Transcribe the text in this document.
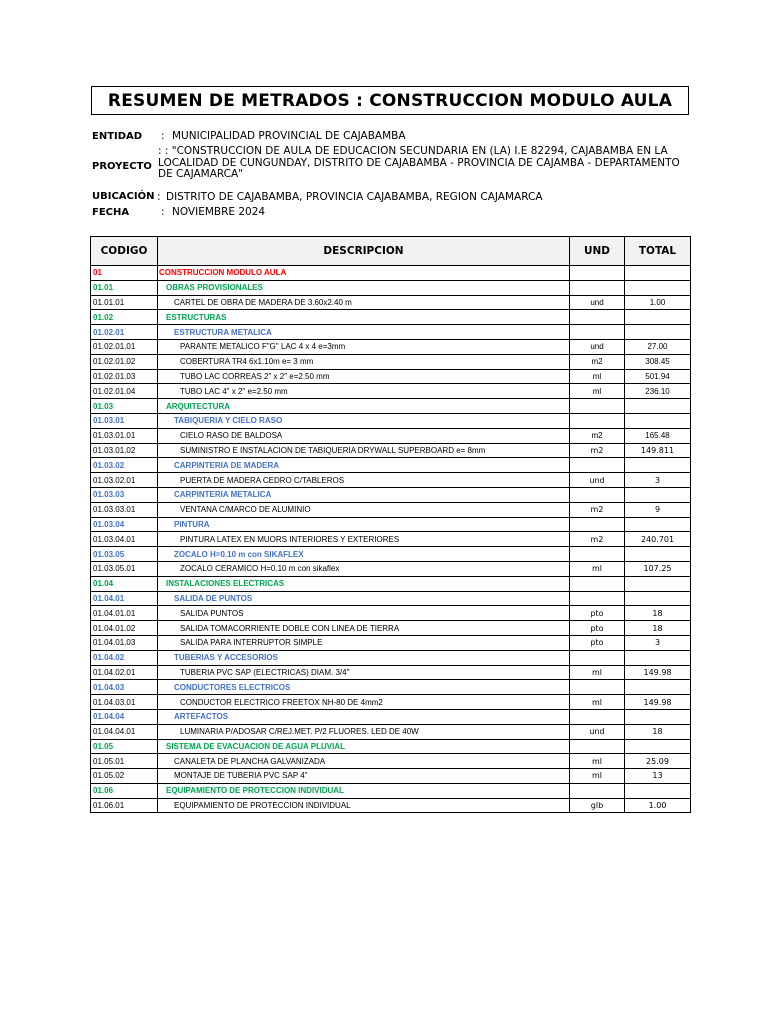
RESUMEN DE METRADOS : CONSTRUCCION MODULO AULA
ENTIDAD : MUNICIPALIDAD PROVINCIAL DE CAJABAMBA
PROYECTO
: : "CONSTRUCCION DE AULA DE EDUCACION SECUNDARIA EN (LA) I.E 82294, CAJABAMBA EN LA LOCALIDAD DE CUNGUNDAY, DISTRITO DE CAJABAMBA - PROVINCIA DE CAJAMBA - DEPARTAMENTO DE CAJAMARCA"
UBICACIÓN : DISTRITO DE CAJABAMBA, PROVINCIA CAJABAMBA, REGION CAJAMARCA
FECHA	: NOVIEMBRE 2024
CODIGO	DESCRIPCION	UND	TOTAL
01	CONSTRUCCION MODULO AULA		
01.01	OBRAS PROVISIONALES		
01.01.01	CARTEL DE OBRA DE MADERA DE 3.60x2.40 m	und	1.00
01.02	ESTRUCTURAS		
01.02.01	ESTRUCTURA METALICA		
01.02.01.01	PARANTE METALICO F"G" LAC 4 x 4 e=3mm	und	27.00
01.02.01.02	COBERTURA TR4 6x1.10m e= 3 mm	m2	308.45
01.02.01.03	TUBO LAC CORREAS 2" x 2" e=2.50 mm	ml	501.94
01.02.01.04	TUBO LAC 4" x 2" e=2.50 mm	ml	236.10
01.03	ARQUITECTURA		
01.03.01	TABIQUERIA Y CIELO RASO		
01.03.01.01	CIELO RASO DE BALDOSA	m2	165.48
01.03.01.02	SUMINISTRO E INSTALACION DE TABIQUERIA DRYWALL SUPERBOARD e= 8mm	m2	149.811
01.03.02	CARPINTERIA DE MADERA		
01.03.02.01	PUERTA DE MADERA CEDRO C/TABLEROS	und	3
01.03.03	CARPINTERIA METALICA		
01.03.03.01	VENTANA C/MARCO DE ALUMINIO	m2	9
01.03.04	PINTURA		
01.03.04.01	PINTURA LATEX EN MUORS INTERIORES Y EXTERIORES	m2	240.701
01.03.05	ZOCALO H=0.10 m con SIKAFLEX		
01.03.05.01	ZOCALO CERAMICO H=0.10 m con sikaflex	ml	107.25
01.04	INSTALACIONES ELECTRICAS		
01.04.01	SALIDA DE PUNTOS		
01.04.01.01	SALIDA PUNTOS	pto	18
01.04.01.02	SALIDA TOMACORRIENTE DOBLE CON LINEA DE TIERRA	pto	18
01.04.01.03	SALIDA PARA INTERRUPTOR SIMPLE	pto	3
01.04.02	TUBERIAS Y ACCESORIOS		
01.04.02.01	TUBERIA PVC SAP (ELECTRICAS) DIAM. 3/4"	ml	149.98
01.04.03	CONDUCTORES ELECTRICOS		
01.04.03.01	CONDUCTOR ELECTRICO FREETOX NH-80 DE 4mm2	ml	149.98
01.04.04	ARTEFACTOS		
01.04.04.01	LUMINARIA P/ADOSAR C/REJ.MET. P/2 FLUORES. LED DE 40W	und	18
01.05	SISTEMA DE EVACUACION DE AGUA PLUVIAL		
01.05.01	CANALETA DE PLANCHA GALVANIZADA	ml	25.09
01.05.02	MONTAJE DE TUBERIA PVC SAP 4"	ml	13
01.06	EQUIPAMIENTO DE PROTECCION INDIVIDUAL		
01.06.01	EQUIPAMIENTO DE PROTECCION INDIVIDUAL	glb	1.00
